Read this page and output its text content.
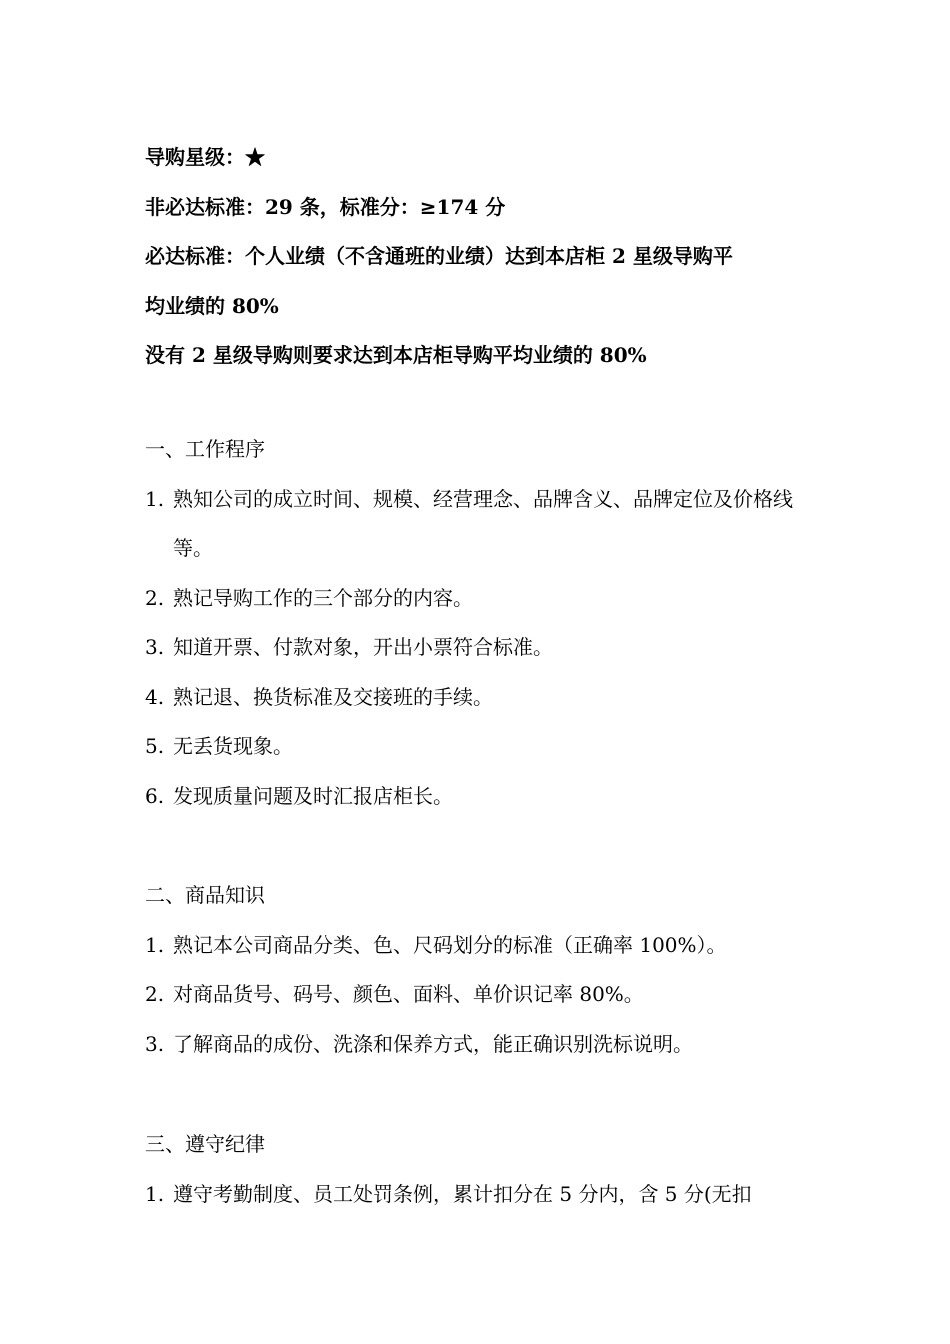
导购星级：★
非必达标准：29 条，标准分：≥174 分
必达标准：个人业绩（不含通班的业绩）达到本店柜 2 星级导购平
均业绩的 80%
没有 2 星级导购则要求达到本店柜导购平均业绩的 80%
一、工作程序
1. 熟知公司的成立时间、规模、经营理念、品牌含义、品牌定位及价格线等。
2. 熟记导购工作的三个部分的内容。
3. 知道开票、付款对象，开出小票符合标准。
4. 熟记退、换货标准及交接班的手续。
5. 无丢货现象。
6. 发现质量问题及时汇报店柜长。
二、商品知识
1. 熟记本公司商品分类、色、尺码划分的标准（正确率 100%）。
2. 对商品货号、码号、颜色、面料、单价识记率 80%。
3. 了解商品的成份、洗涤和保养方式，能正确识别洗标说明。
三、遵守纪律
1. 遵守考勤制度、员工处罚条例，累计扣分在 5 分内，含 5 分(无扣
